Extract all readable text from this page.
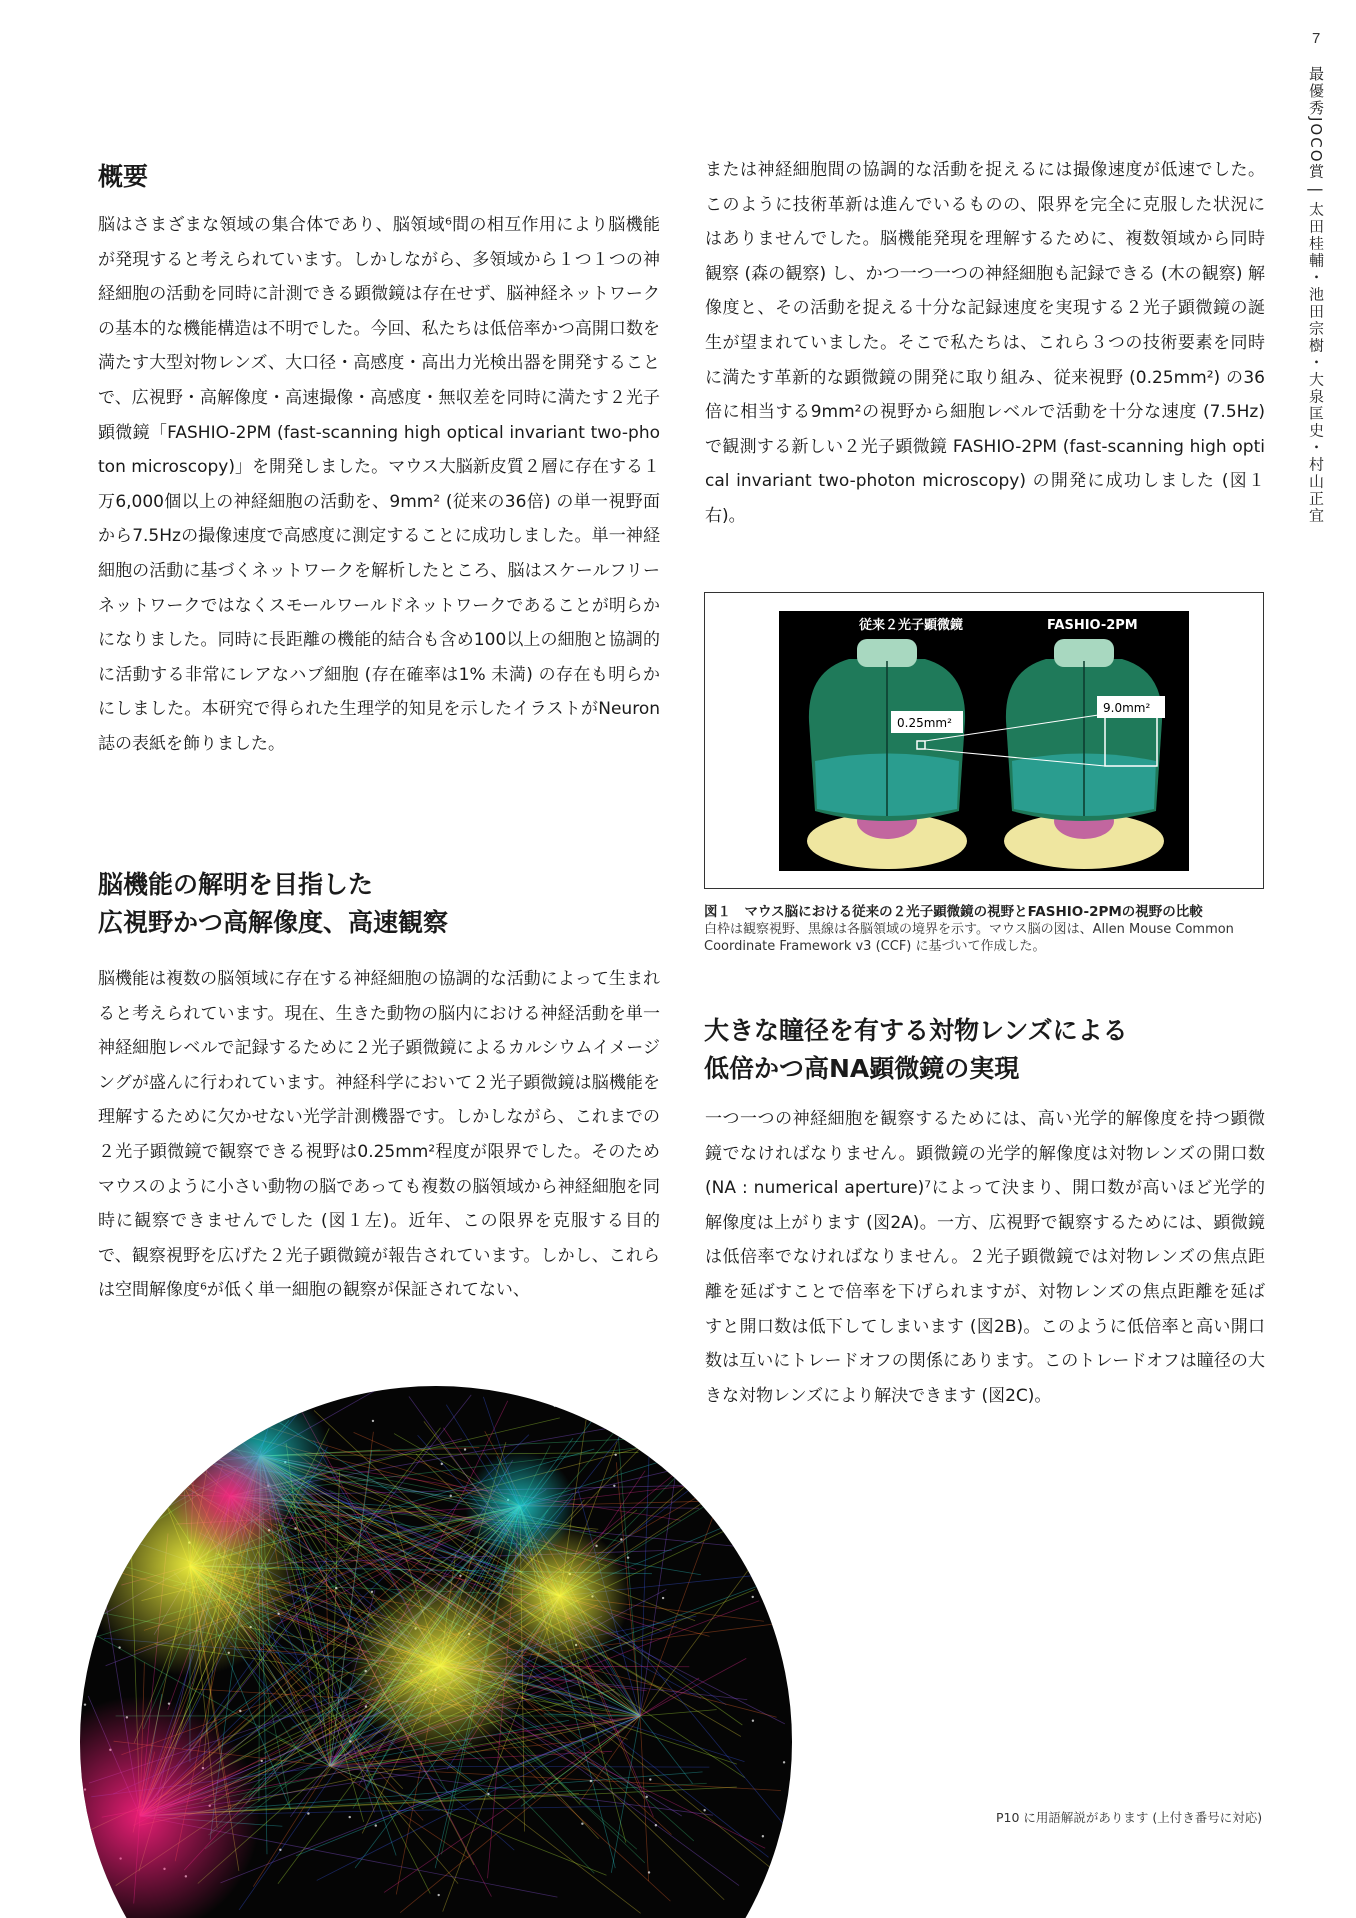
7
最優秀JOCO賞 | 太田桂輔・池田宗樹・大泉匡史・村山正宜
概要

脳はさまざまな領域の集合体であり、脳領域⁶間の相互作用により脳機能が発現すると考えられています。しかしながら、多領域から１つ１つの神経細胞の活動を同時に計測できる顕微鏡は存在せず、脳神経ネットワークの基本的な機能構造は不明でした。今回、私たちは低倍率かつ高開口数を満たす大型対物レンズ、大口径・高感度・高出力光検出器を開発することで、広視野・高解像度・高速撮像・高感度・無収差を同時に満たす２光子顕微鏡「FASHIO-2PM (fast-scanning high optical invariant two-photon microscopy)」を開発しました。マウス大脳新皮質２層に存在する１万6,000個以上の神経細胞の活動を、9mm² (従来の36倍) の単一視野面から7.5Hzの撮像速度で高感度に測定することに成功しました。単一神経細胞の活動に基づくネットワークを解析したところ、脳はスケールフリーネットワークではなくスモールワールドネットワークであることが明らかになりました。同時に長距離の機能的結合も含め100以上の細胞と協調的に活動する非常にレアなハブ細胞 (存在確率は1% 未満) の存在も明らかにしました。本研究で得られた生理学的知見を示したイラストがNeuron誌の表紙を飾りました。

脳機能の解明を目指した
広視野かつ高解像度、高速観察

脳機能は複数の脳領域に存在する神経細胞の協調的な活動によって生まれると考えられています。現在、生きた動物の脳内における神経活動を単一神経細胞レベルで記録するために２光子顕微鏡によるカルシウムイメージングが盛んに行われています。神経科学において２光子顕微鏡は脳機能を理解するために欠かせない光学計測機器です。しかしながら、これまでの２光子顕微鏡で観察できる視野は0.25mm²程度が限界でした。そのためマウスのように小さい動物の脳であっても複数の脳領域から神経細胞を同時に観察できませんでした (図１左)。近年、この限界を克服する目的で、観察視野を広げた２光子顕微鏡が報告されています。しかし、これらは空間解像度⁶が低く単一細胞の観察が保証されてない、

または神経細胞間の協調的な活動を捉えるには撮像速度が低速でした。このように技術革新は進んでいるものの、限界を完全に克服した状況にはありませんでした。脳機能発現を理解するために、複数領域から同時観察 (森の観察) し、かつ一つ一つの神経細胞も記録できる (木の観察) 解像度と、その活動を捉える十分な記録速度を実現する２光子顕微鏡の誕生が望まれていました。そこで私たちは、これら３つの技術要素を同時に満たす革新的な顕微鏡の開発に取り組み、従来視野 (0.25mm²) の36倍に相当する9mm²の視野から細胞レベルで活動を十分な速度 (7.5Hz) で観測する新しい２光子顕微鏡 FASHIO-2PM (fast-scanning high optical invariant two-photon microscopy) の開発に成功しました (図１右)。

従来２光子顕微鏡	FASHIO-2PM
0.25mm²
9.0mm²
図１　マウス脳における従来の２光子顕微鏡の視野とFASHIO-2PMの視野の比較
白枠は観察視野、黒線は各脳領域の境界を示す。マウス脳の図は、Allen Mouse Common Coordinate Framework v3 (CCF) に基づいて作成した。
大きな瞳径を有する対物レンズによる
低倍かつ高NA顕微鏡の実現

一つ一つの神経細胞を観察するためには、高い光学的解像度を持つ顕微鏡でなければなりません。顕微鏡の光学的解像度は対物レンズの開口数 (NA : numerical aperture)⁷によって決まり、開口数が高いほど光学的解像度は上がります (図2A)。一方、広視野で観察するためには、顕微鏡は低倍率でなければなりません。２光子顕微鏡では対物レンズの焦点距離を延ばすことで倍率を下げられますが、対物レンズの焦点距離を延ばすと開口数は低下してしまいます (図2B)。このように低倍率と高い開口数は互いにトレードオフの関係にあります。このトレードオフは瞳径の大きな対物レンズにより解決できます (図2C)。

P10 に用語解説があります (上付き番号に対応)
